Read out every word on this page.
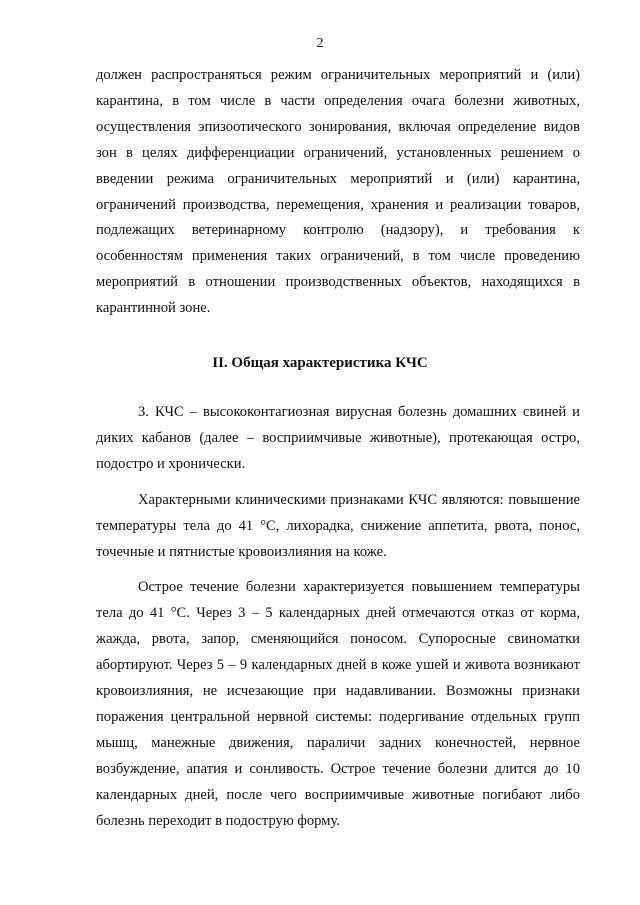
2

должен распространяться режим ограничительных мероприятий и (или) карантина, в том числе в части определения очага болезни животных, осуществления эпизоотического зонирования, включая определение видов зон в целях дифференциации ограничений, установленных решением о введении режима ограничительных мероприятий и (или) карантина, ограничений производства, перемещения, хранения и реализации товаров, подлежащих ветеринарному контролю (надзору), и требования к особенностям применения таких ограничений, в том числе проведению мероприятий в отношении производственных объектов, находящихся в карантинной зоне.

II. Общая характеристика КЧС

3. КЧС – высококонтагиозная вирусная болезнь домашних свиней и диких кабанов (далее – восприимчивые животные), протекающая остро, подостро и хронически.

Характерными клиническими признаками КЧС являются: повышение температуры тела до 41 °С, лихорадка, снижение аппетита, рвота, понос, точечные и пятнистые кровоизлияния на коже.

Острое течение болезни характеризуется повышением температуры тела до 41 °С. Через 3 – 5 календарных дней отмечаются отказ от корма, жажда, рвота, запор, сменяющийся поносом. Супоросные свиноматки абортируют. Через 5 – 9 календарных дней в коже ушей и живота возникают кровоизлияния, не исчезающие при надавливании. Возможны признаки поражения центральной нервной системы: подергивание отдельных групп мышц, манежные движения, параличи задних конечностей, нервное возбуждение, апатия и сонливость. Острое течение болезни длится до 10 календарных дней, после чего восприимчивые животные погибают либо болезнь переходит в подострую форму.
